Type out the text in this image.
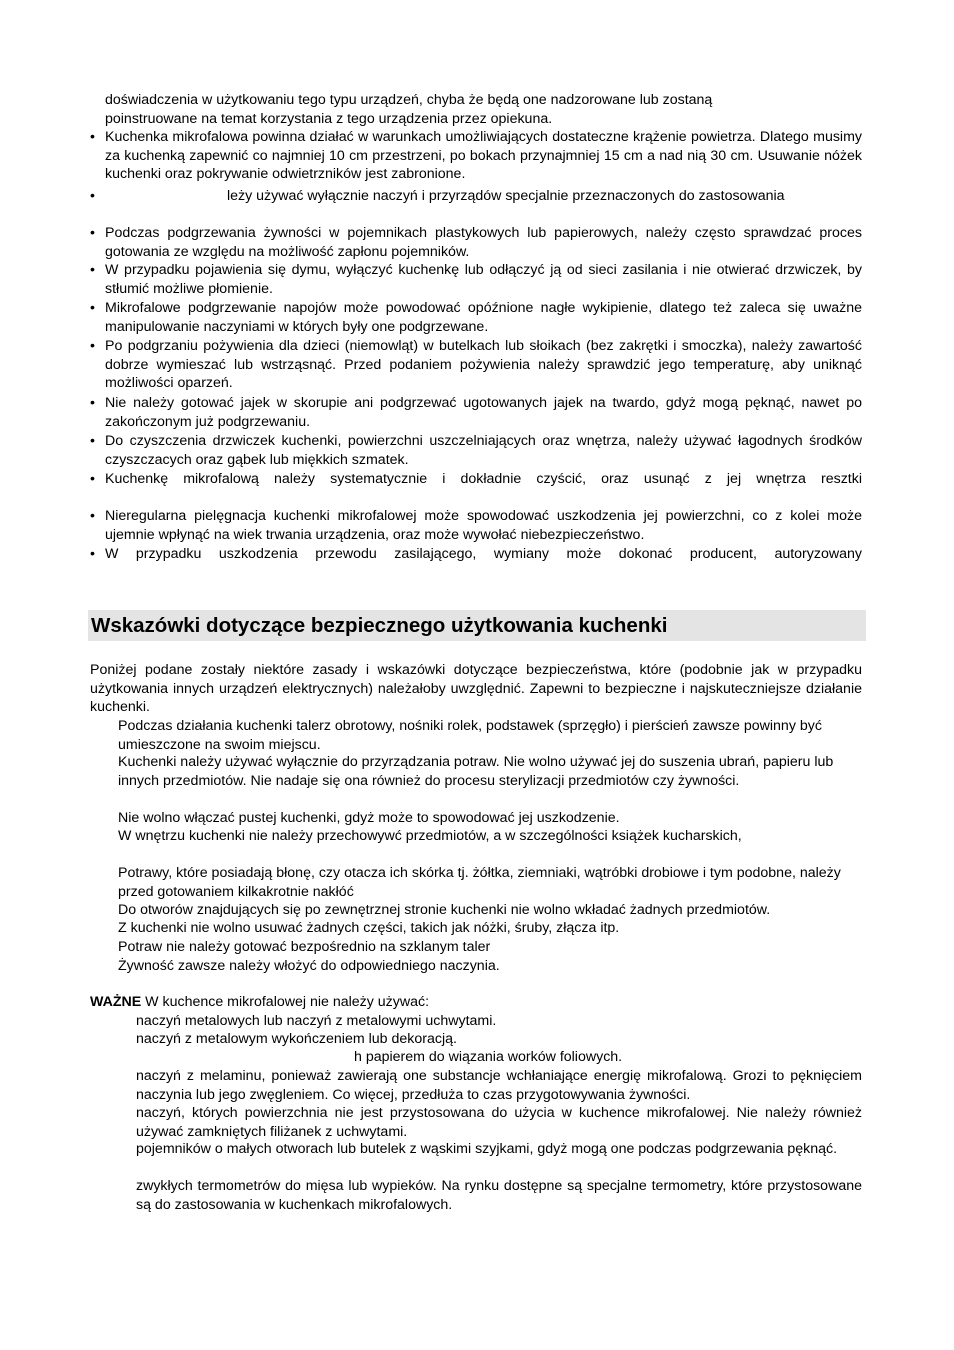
doświadczenia w użytkowaniu tego typu urządzeń, chyba że będą one nadzorowane lub zostaną
poinstruowane na temat korzystania z tego urządzenia przez opiekuna.
• Kuchenka mikrofalowa powinna działać w warunkach umożliwiających dostateczne krążenie powietrza. Dlatego musimy za kuchenką zapewnić co najmniej 10 cm przestrzeni, po bokach przynajmniej 15 cm a nad nią 30 cm. Usuwanie nóżek kuchenki oraz pokrywanie odwietrzników jest zabronione.
•	leży używać wyłącznie naczyń i przyrządów specjalnie przeznaczonych do zastosowania
• Podczas podgrzewania żywności w pojemnikach plastykowych lub papierowych, należy często sprawdzać proces gotowania ze względu na możliwość zapłonu pojemników.
• W przypadku pojawienia się dymu, wyłączyć kuchenkę lub odłączyć ją od sieci zasilania i nie otwierać drzwiczek, by stłumić możliwe płomienie.
• Mikrofalowe podgrzewanie napojów może powodować opóźnione nagłe wykipienie, dlatego też zaleca się uważne manipulowanie naczyniami w których były one podgrzewane.
• Po podgrzaniu pożywienia dla dzieci (niemowląt) w butelkach lub słoikach (bez zakrętki i smoczka), należy zawartość dobrze wymieszać lub wstrząsnąć. Przed podaniem pożywienia należy sprawdzić jego temperaturę, aby uniknąć możliwości oparzeń.
• Nie należy gotować jajek w skorupie ani podgrzewać ugotowanych jajek na twardo, gdyż mogą pęknąć, nawet po zakończonym już podgrzewaniu.
• Do czyszczenia drzwiczek kuchenki, powierzchni uszczelniających oraz wnętrza, należy używać łagodnych środków czyszczacych oraz gąbek lub miękkich szmatek.
• Kuchenkę mikrofalową należy systematycznie i dokładnie czyścić, oraz usunąć z jej wnętrza resztki
• Nieregularna pielęgnacja kuchenki mikrofalowej może spowodować uszkodzenia jej powierzchni, co z kolei może ujemnie wpłynąć na wiek trwania urządzenia, oraz może wywołać niebezpieczeństwo.
• W przypadku uszkodzenia przewodu zasilającego, wymiany może dokonać producent, autoryzowany
Wskazówki dotyczące bezpiecznego użytkowania kuchenki
Poniżej podane zostały niektóre zasady i wskazówki dotyczące bezpieczeństwa, które (podobnie jak w przypadku użytkowania innych urządzeń elektrycznych) należałoby uwzględnić. Zapewni to bezpieczne i najskuteczniejsze działanie kuchenki.
Podczas działania kuchenki talerz obrotowy, nośniki rolek, podstawek (sprzęgło) i pierścień zawsze powinny być umieszczone na swoim miejscu.
Kuchenki należy używać wyłącznie do przyrządzania potraw. Nie wolno używać jej do suszenia ubrań, papieru lub innych przedmiotów. Nie nadaje się ona również do procesu sterylizacji przedmiotów czy żywności.
Nie wolno włączać pustej kuchenki, gdyż może to spowodować jej uszkodzenie.
W wnętrzu kuchenki nie należy przechowywć przedmiotów, a w szczególności książek kucharskich,
Potrawy, które posiadają błonę, czy otacza ich skórka tj. żółtka, ziemniaki, wątróbki drobiowe i tym podobne, należy przed gotowaniem kilkakrotnie nakłóć
Do otworów znajdujących się po zewnętrznej stronie kuchenki nie wolno wkładać żadnych przedmiotów.
Z kuchenki nie wolno usuwać żadnych części, takich jak nóżki, śruby, złącza itp.
Potraw nie należy gotować bezpośrednio na szklanym taler
Żywność zawsze należy włożyć do odpowiedniego naczynia.
WAŻNE W kuchence mikrofalowej nie należy używać:
naczyń metalowych lub naczyń z metalowymi uchwytami.
naczyń z metalowym wykończeniem lub dekoracją.
h papierem do wiązania worków foliowych.
naczyń z melaminu, ponieważ zawierają one substancje wchłaniające energię mikrofalową. Grozi to pęknięciem naczynia lub jego zwęgleniem. Co więcej, przedłuża to czas przygotowywania żywności.
naczyń, których powierzchnia nie jest przystosowana do użycia w kuchence mikrofalowej. Nie należy również używać zamkniętych filiżanek z uchwytami.
pojemników o małych otworach lub butelek z wąskimi szyjkami, gdyż mogą one podczas podgrzewania pęknąć.
zwykłych termometrów do mięsa lub wypieków. Na rynku dostępne są specjalne termometry, które przystosowane są do zastosowania w kuchenkach mikrofalowych.
